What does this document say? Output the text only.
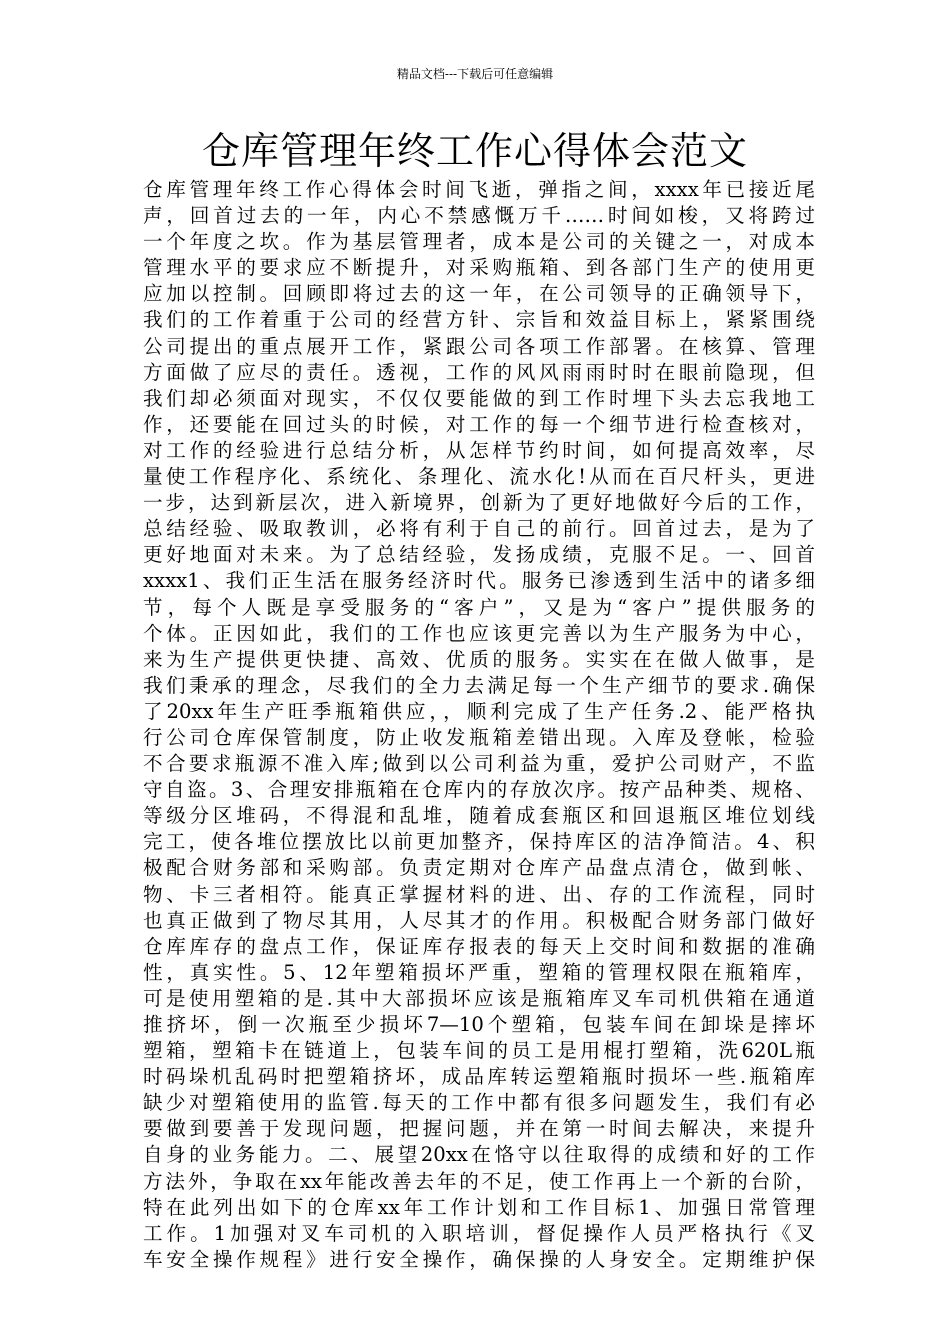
精品文档---下载后可任意编辑
仓库管理年终工作心得体会范文
仓库管理年终工作心得体会时间飞逝，弹指之间，xxxx年已接近尾
声，回首过去的一年，内心不禁感慨万千……时间如梭，又将跨过
一个年度之坎。作为基层管理者，成本是公司的关键之一，对成本
管理水平的要求应不断提升，对采购瓶箱、到各部门生产的使用更
应加以控制。回顾即将过去的这一年，在公司领导的正确领导下，
我们的工作着重于公司的经营方针、宗旨和效益目标上，紧紧围绕
公司提出的重点展开工作，紧跟公司各项工作部署。在核算、管理
方面做了应尽的责任。透视，工作的风风雨雨时时在眼前隐现，但
我们却必须面对现实，不仅仅要能做的到工作时埋下头去忘我地工
作，还要能在回过头的时候，对工作的每一个细节进行检查核对，
对工作的经验进行总结分析，从怎样节约时间，如何提高效率，尽
量使工作程序化、系统化、条理化、流水化!从而在百尺杆头，更进
一步，达到新层次，进入新境界，创新为了更好地做好今后的工作，
总结经验、吸取教训，必将有利于自己的前行。回首过去，是为了
更好地面对未来。为了总结经验，发扬成绩，克服不足。一、回首
xxxx1、我们正生活在服务经济时代。服务已渗透到生活中的诸多细
节，每个人既是享受服务的“客户”，又是为“客户”提供服务的
个体。正因如此，我们的工作也应该更完善以为生产服务为中心，
来为生产提供更快捷、高效、优质的服务。实实在在做人做事，是
我们秉承的理念，尽我们的全力去满足每一个生产细节的要求.确保
了20xx年生产旺季瓶箱供应，，顺利完成了生产任务.2、能严格执
行公司仓库保管制度，防止收发瓶箱差错出现。入库及登帐，检验
不合要求瓶源不准入库;做到以公司利益为重，爱护公司财产，不监
守自盗。3、合理安排瓶箱在仓库内的存放次序。按产品种类、规格、
等级分区堆码，不得混和乱堆，随着成套瓶区和回退瓶区堆位划线
完工，使各堆位摆放比以前更加整齐，保持库区的洁净简洁。4、积
极配合财务部和采购部。负责定期对仓库产品盘点清仓，做到帐、
物、卡三者相符。能真正掌握材料的进、出、存的工作流程，同时
也真正做到了物尽其用，人尽其才的作用。积极配合财务部门做好
仓库库存的盘点工作，保证库存报表的每天上交时间和数据的准确
性，真实性。5、12年塑箱损坏严重，塑箱的管理权限在瓶箱库，
可是使用塑箱的是.其中大部损坏应该是瓶箱库叉车司机供箱在通道
推挤坏，倒一次瓶至少损坏7—10个塑箱，包装车间在卸垛是摔坏
塑箱，塑箱卡在链道上，包装车间的员工是用棍打塑箱，洗620L瓶
时码垛机乱码时把塑箱挤坏，成品库转运塑箱瓶时损坏一些.瓶箱库
缺少对塑箱使用的监管.每天的工作中都有很多问题发生，我们有必
要做到要善于发现问题，把握问题，并在第一时间去解决，来提升
自身的业务能力。二、展望20xx在恪守以往取得的成绩和好的工作
方法外，争取在xx年能改善去年的不足，使工作再上一个新的台阶，
特在此列出如下的仓库xx年工作计划和工作目标1、加强日常管理
工作。1加强对叉车司机的入职培训，督促操作人员严格执行《叉
车安全操作规程》进行安全操作，确保操的人身安全。定期维护保
